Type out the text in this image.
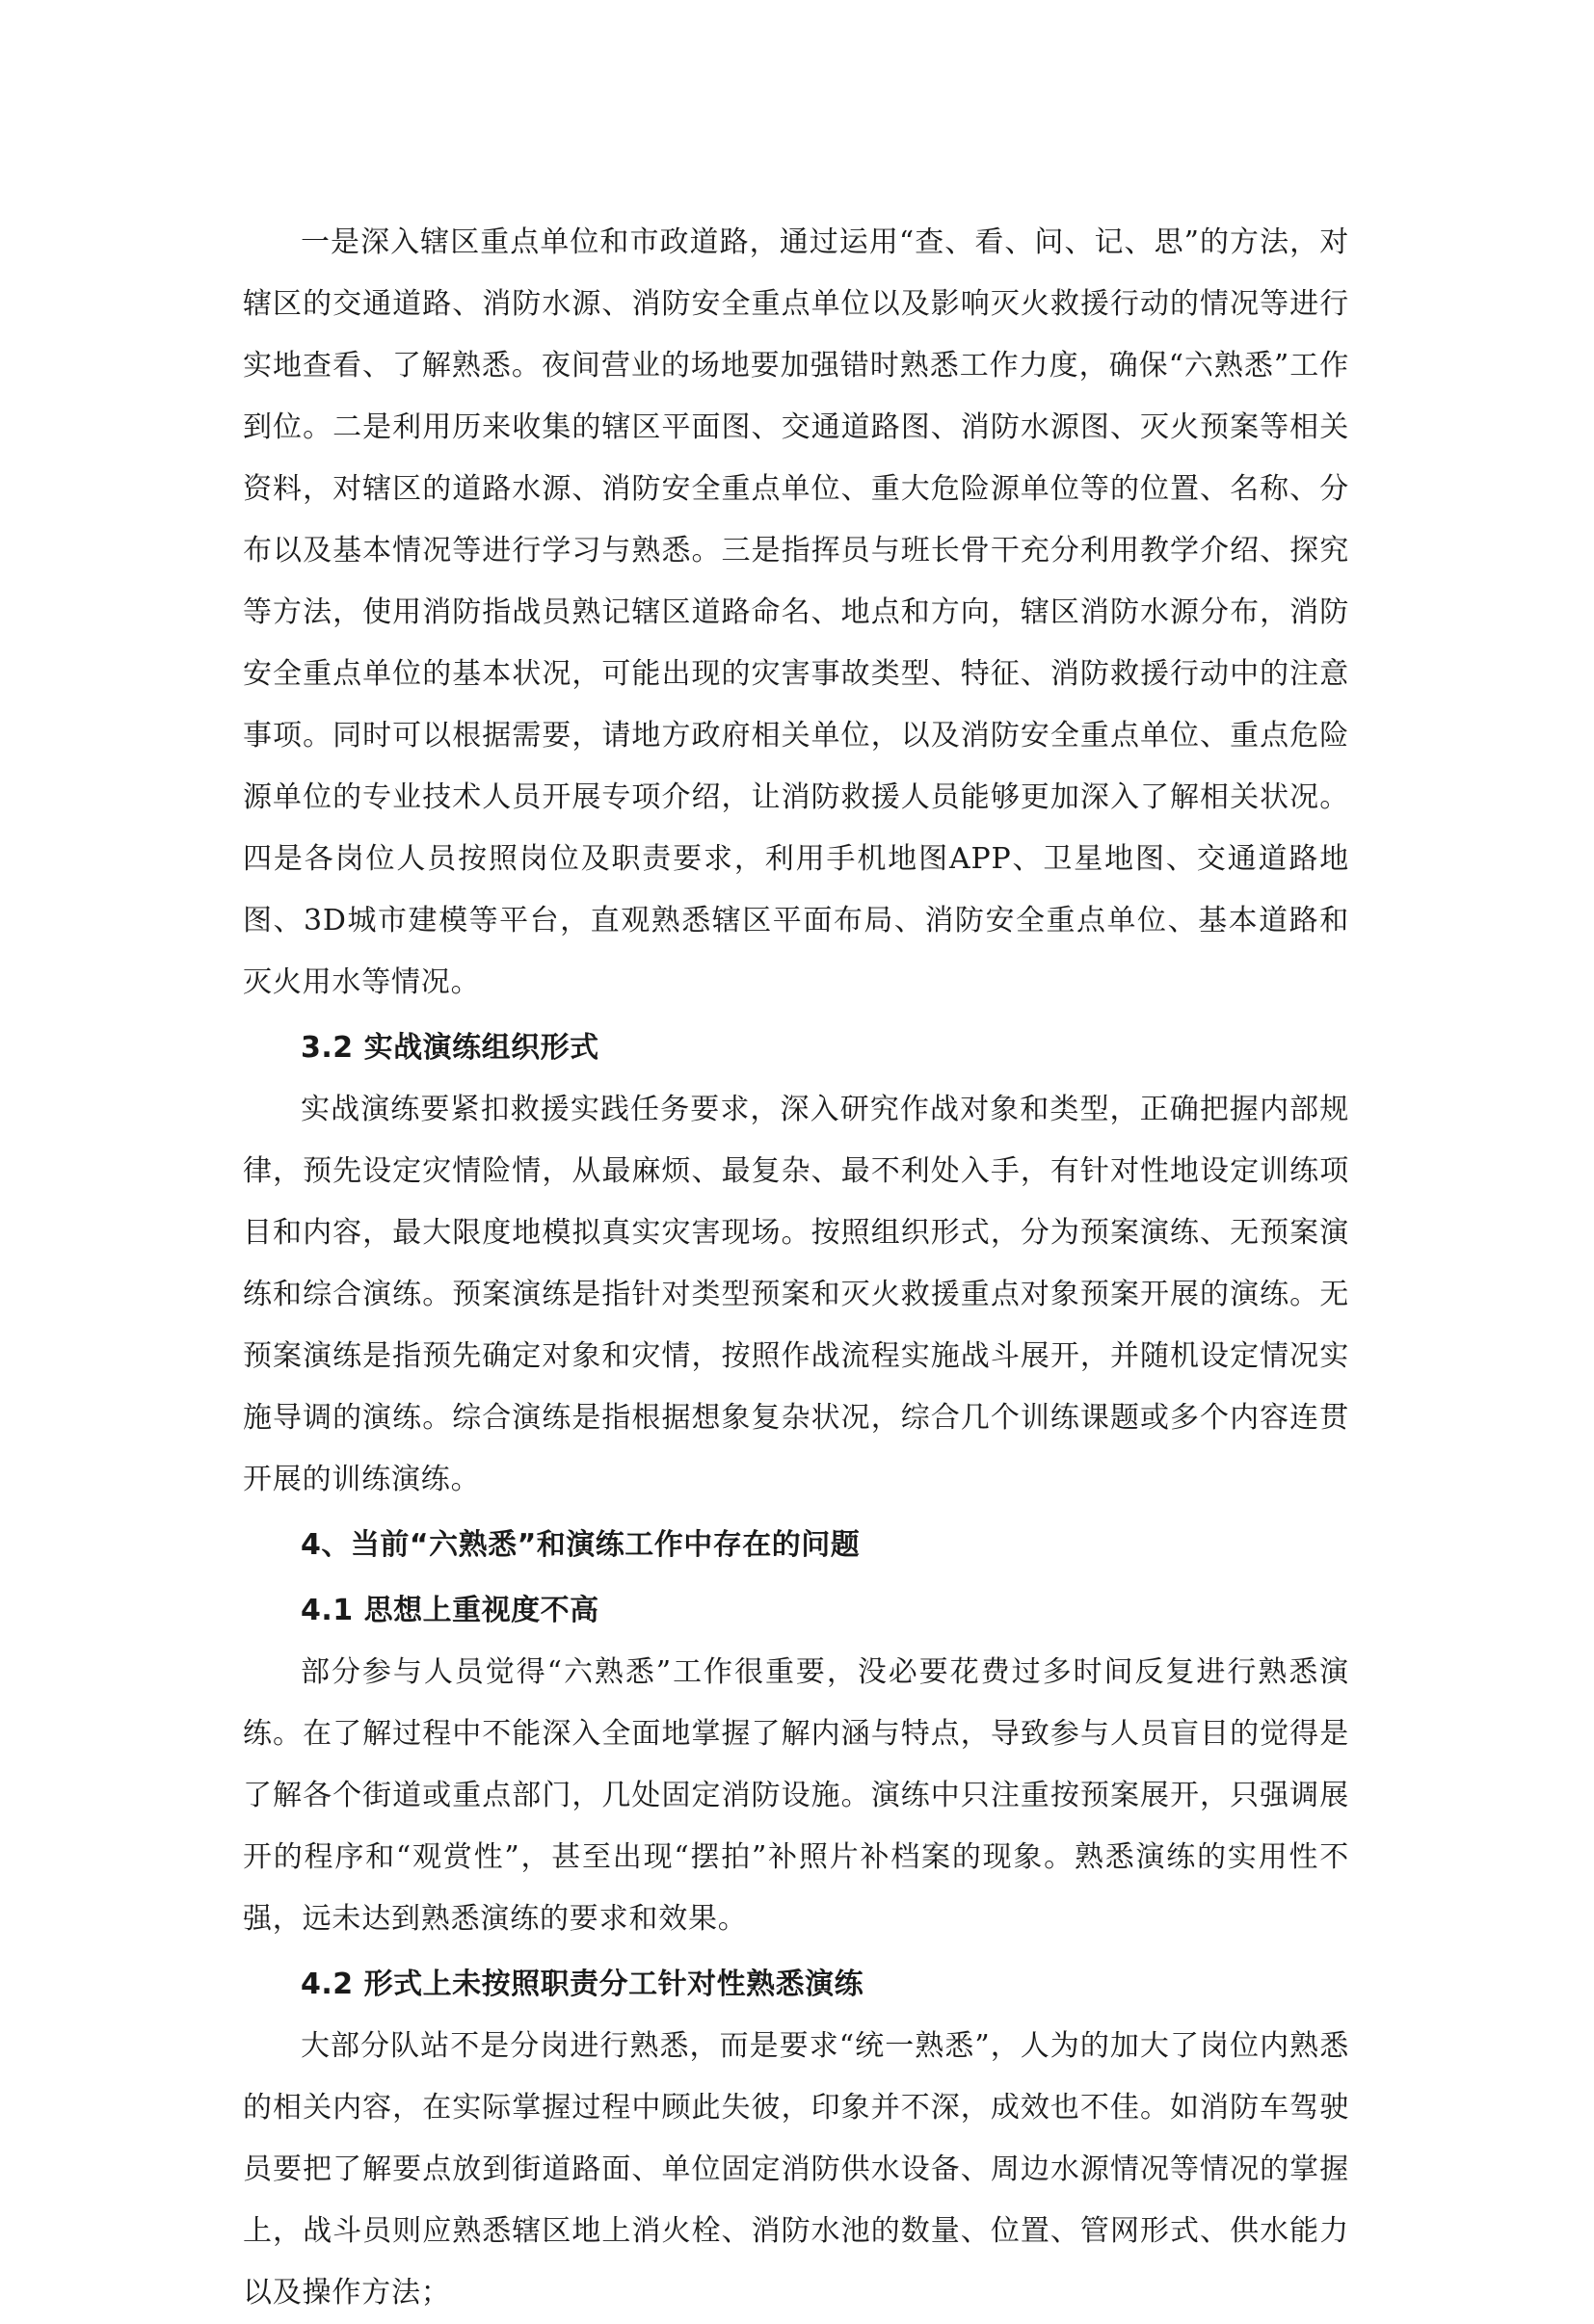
一是深入辖区重点单位和市政道路，通过运用“查、看、问、记、思”的方法，对辖区的交通道路、消防水源、消防安全重点单位以及影响灭火救援行动的情况等进行实地查看、了解熟悉。夜间营业的场地要加强错时熟悉工作力度，确保“六熟悉”工作到位。二是利用历来收集的辖区平面图、交通道路图、消防水源图、灭火预案等相关资料，对辖区的道路水源、消防安全重点单位、重大危险源单位等的位置、名称、分布以及基本情况等进行学习与熟悉。三是指挥员与班长骨干充分利用教学介绍、探究等方法，使用消防指战员熟记辖区道路命名、地点和方向，辖区消防水源分布，消防安全重点单位的基本状况，可能出现的灾害事故类型、特征、消防救援行动中的注意事项。同时可以根据需要，请地方政府相关单位，以及消防安全重点单位、重点危险源单位的专业技术人员开展专项介绍，让消防救援人员能够更加深入了解相关状况。四是各岗位人员按照岗位及职责要求，利用手机地图APP、卫星地图、交通道路地图、3D城市建模等平台，直观熟悉辖区平面布局、消防安全重点单位、基本道路和灭火用水等情况。

3.2 实战演练组织形式

实战演练要紧扣救援实践任务要求，深入研究作战对象和类型，正确把握内部规律，预先设定灾情险情，从最麻烦、最复杂、最不利处入手，有针对性地设定训练项目和内容，最大限度地模拟真实灾害现场。按照组织形式，分为预案演练、无预案演练和综合演练。预案演练是指针对类型预案和灭火救援重点对象预案开展的演练。无预案演练是指预先确定对象和灾情，按照作战流程实施战斗展开，并随机设定情况实施导调的演练。综合演练是指根据想象复杂状况，综合几个训练课题或多个内容连贯开展的训练演练。

4、当前“六熟悉”和演练工作中存在的问题
4.1 思想上重视度不高

部分参与人员觉得“六熟悉”工作很重要，没必要花费过多时间反复进行熟悉演练。在了解过程中不能深入全面地掌握了解内涵与特点，导致参与人员盲目的觉得是了解各个街道或重点部门，几处固定消防设施。演练中只注重按预案展开，只强调展开的程序和“观赏性”，甚至出现“摆拍”补照片补档案的现象。熟悉演练的实用性不强，远未达到熟悉演练的要求和效果。

4.2 形式上未按照职责分工针对性熟悉演练

大部分队站不是分岗进行熟悉，而是要求“统一熟悉”，人为的加大了岗位内熟悉的相关内容，在实际掌握过程中顾此失彼，印象并不深，成效也不佳。如消防车驾驶员要把了解要点放到街道路面、单位固定消防供水设备、周边水源情况等情况的掌握上，战斗员则应熟悉辖区地上消火栓、消防水池的数量、位置、管网形式、供水能力以及操作方法；
